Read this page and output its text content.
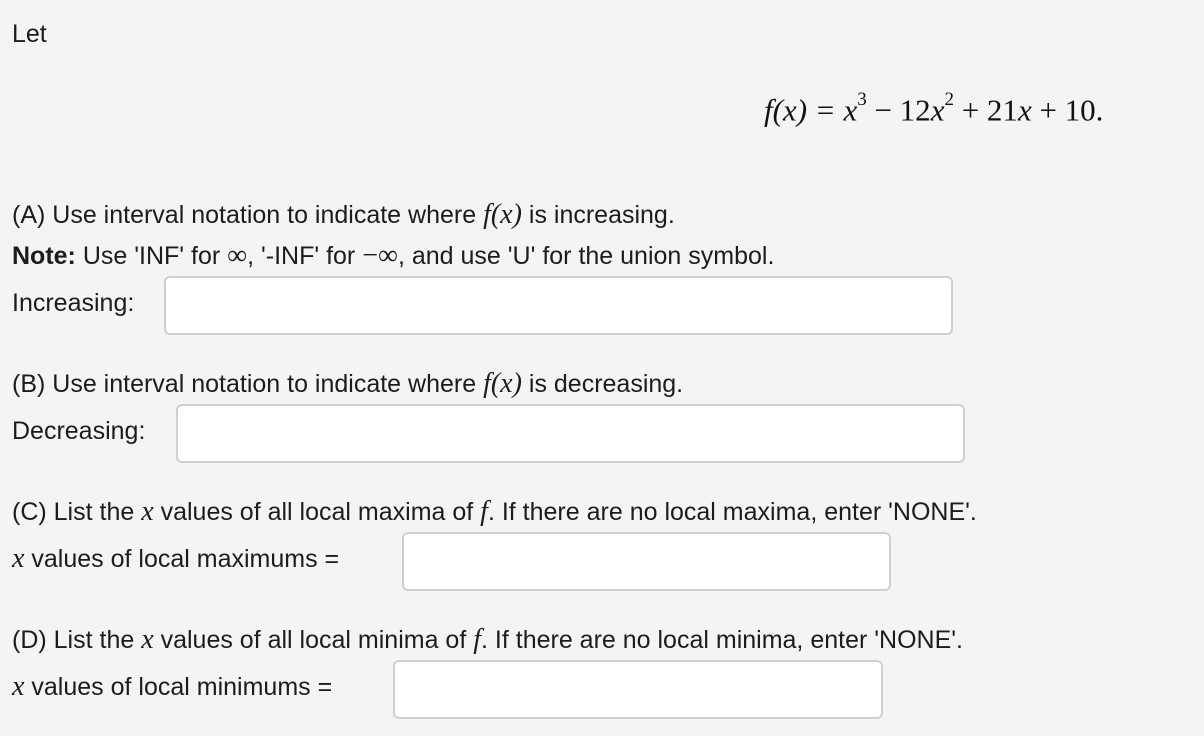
Let
$f(x) = x^3 - 12x^2 + 21x + 10$.
(A) Use interval notation to indicate where f(x) is increasing.
Note: Use 'INF' for ∞, '-INF' for −∞, and use 'U' for the union symbol.
Increasing:
(B) Use interval notation to indicate where f(x) is decreasing.
Decreasing:
(C) List the x values of all local maxima of f. If there are no local maxima, enter 'NONE'.
x values of local maximums =
(D) List the x values of all local minima of f. If there are no local minima, enter 'NONE'.
x values of local minimums =
